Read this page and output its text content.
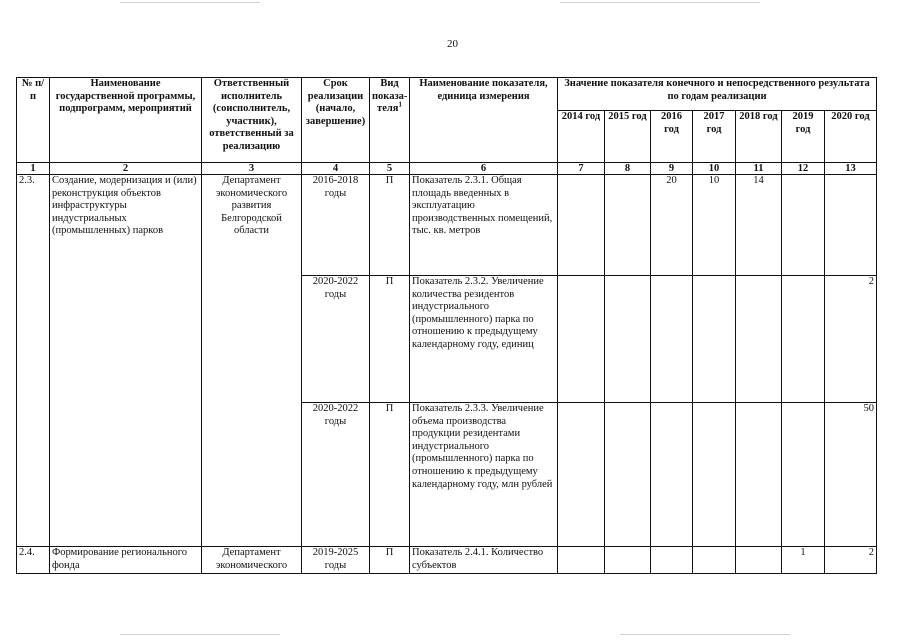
20
№ п/п	Наименование государственной программы, подпрограмм, мероприятий	Ответственный исполнитель (соисполнитель, участник), ответственный за реализацию	Срок реализации (начало, завершение)	Вид показа-теля$^1$	Наименование показателя, единица измерения	Значение показателя конечного и непосредственного результата по годам реализации						
						2014 год	2015 год	2016 год	2017 год	2018 год	2019 год	2020 год
1	2	3	4	5	6	7	8	9	10	11	12	13
2.3.	Создание, модернизация и (или) реконструкция объектов инфраструктуры индустриальных (промышленных) парков	Департамент экономического развития Белгородской области	2016-2018 годы	П	Показатель 2.3.1. Общая площадь введенных в эксплуатацию производственных помещений, тыс. кв. метров			20	10	14		
			2020-2022 годы	П	Показатель 2.3.2. Увеличение количества резидентов индустриального (промышленного) парка по отношению к предыдущему календарному году, единиц							2
			2020-2022 годы	П	Показатель 2.3.3. Увеличение объема производства продукции резидентами индустриального (промышленного) парка по отношению к предыдущему календарному году, млн рублей							50
2.4.	Формирование регионального фонда	Департамент экономического	2019-2025 годы	П	Показатель 2.4.1. Количество субъектов						1	2
